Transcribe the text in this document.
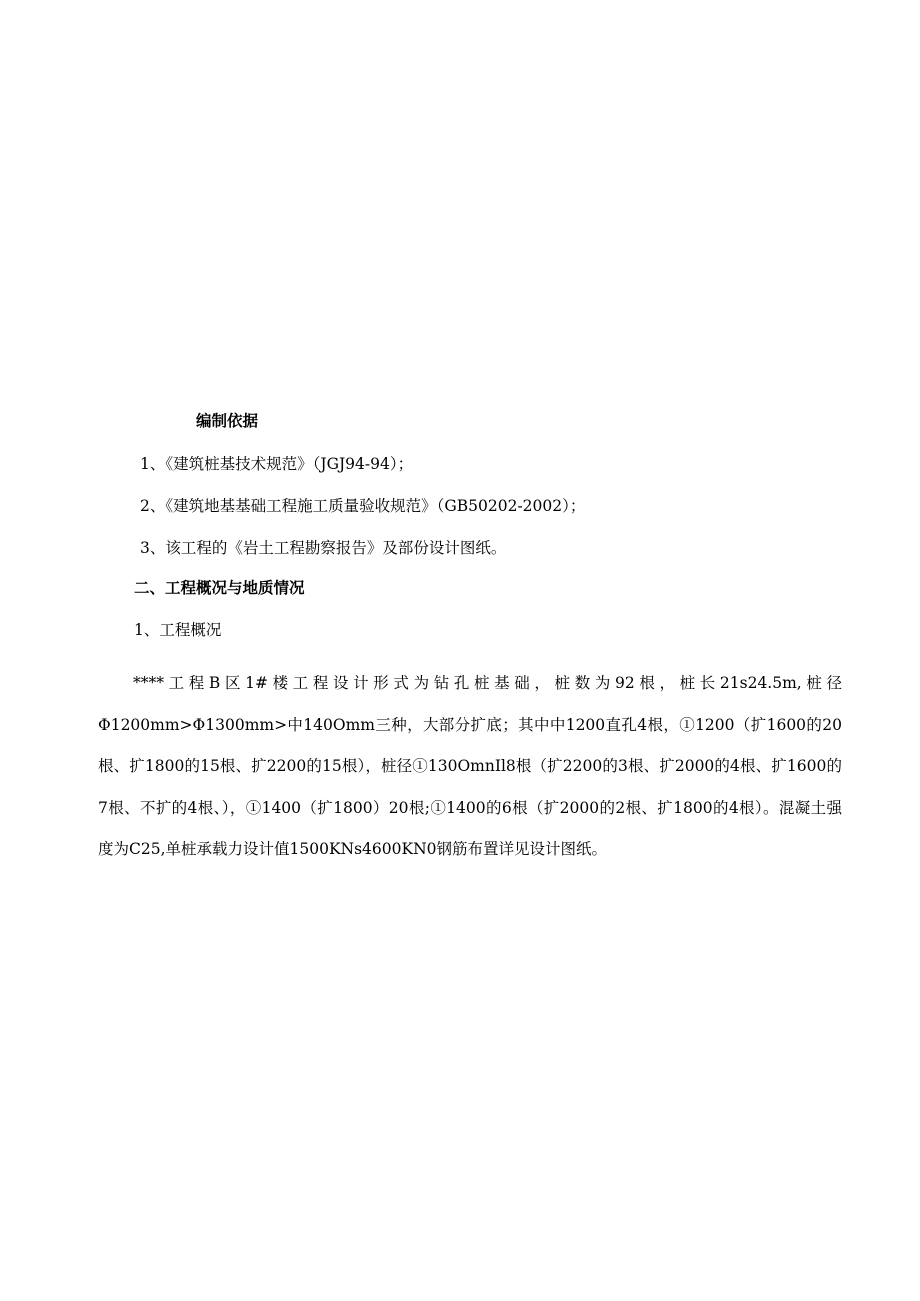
编制依据
1、《建筑桩基技术规范》（JGJ94-94）；
2、《建筑地基基础工程施工质量验收规范》（GB50202-2002）；
3、该工程的《岩土工程勘察报告》及部份设计图纸。
二、工程概况与地质情况
1、工程概况
****工程B区1#楼工程设计形式为钻孔桩基础，桩数为92根，桩长21s24.5m,桩径Φ1200mm>Φ1300mm>中140Omm三种，大部分扩底；其中中1200直孔4根，①1200（扩1600的20根、扩1800的15根、扩2200的15根），桩径①130OmnIl8根（扩2200的3根、扩2000的4根、扩1600的7根、不扩的4根、），①1400（扩1800）20根;①1400的6根（扩2000的2根、扩1800的4根）。混凝土强度为C25,单桩承载力设计值1500KNs4600KN0钢筋布置详见设计图纸。
